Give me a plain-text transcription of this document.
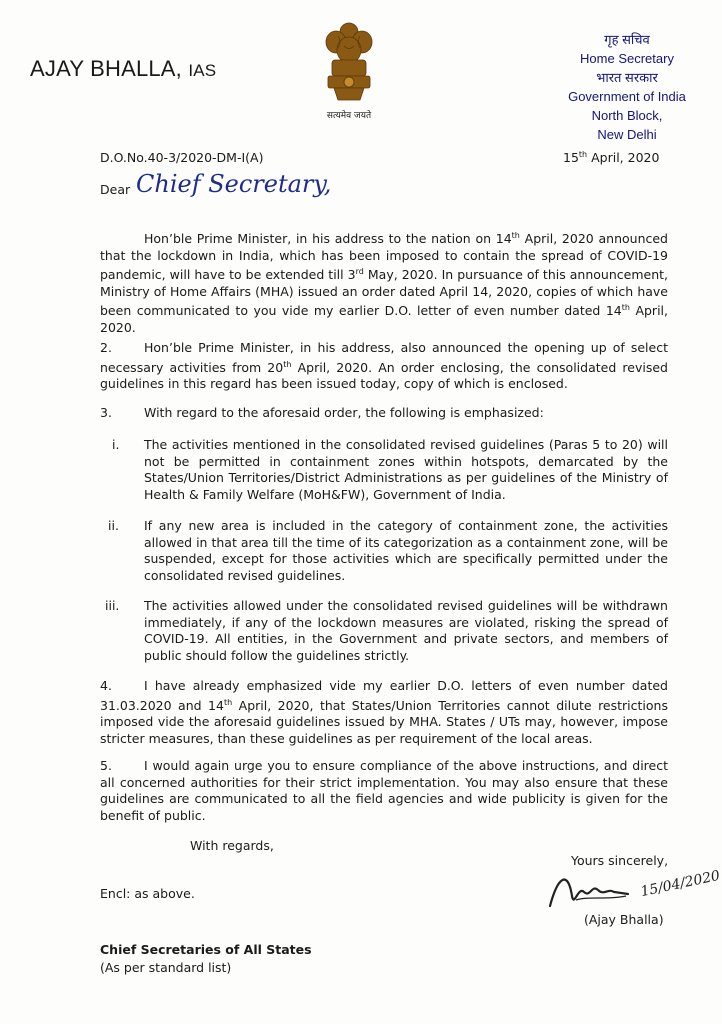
AJAY BHALLA, IAS
सत्यमेव जयते
गृह सचिव
Home Secretary
भारत सरकार
Government of India
North Block,
New Delhi
D.O.No.40-3/2020-DM-I(A)	15th April, 2020
Dear Chief Secretary,
Hon’ble Prime Minister, in his address to the nation on 14th April, 2020 announced that the lockdown in India, which has been imposed to contain the spread of COVID-19 pandemic, will have to be extended till 3rd May, 2020. In pursuance of this announcement, Ministry of Home Affairs (MHA) issued an order dated April 14, 2020, copies of which have been communicated to you vide my earlier D.O. letter of even number dated 14th April, 2020.
2.	Hon’ble Prime Minister, in his address, also announced the opening up of select necessary activities from 20th April, 2020. An order enclosing, the consolidated revised guidelines in this regard has been issued today, copy of which is enclosed.
3.	With regard to the aforesaid order, the following is emphasized:
i. The activities mentioned in the consolidated revised guidelines (Paras 5 to 20) will not be permitted in containment zones within hotspots, demarcated by the States/Union Territories/District Administrations as per guidelines of the Ministry of Health & Family Welfare (MoH&FW), Government of India.
ii. If any new area is included in the category of containment zone, the activities allowed in that area till the time of its categorization as a containment zone, will be suspended, except for those activities which are specifically permitted under the consolidated revised guidelines.
iii. The activities allowed under the consolidated revised guidelines will be withdrawn immediately, if any of the lockdown measures are violated, risking the spread of COVID-19. All entities, in the Government and private sectors, and members of public should follow the guidelines strictly.
4.	I have already emphasized vide my earlier D.O. letters of even number dated 31.03.2020 and 14th April, 2020, that States/Union Territories cannot dilute restrictions imposed vide the aforesaid guidelines issued by MHA. States / UTs may, however, impose stricter measures, than these guidelines as per requirement of the local areas.
5.	I would again urge you to ensure compliance of the above instructions, and direct all concerned authorities for their strict implementation. You may also ensure that these guidelines are communicated to all the field agencies and wide publicity is given for the benefit of public.
With regards,
Yours sincerely,
Encl: as above.	15/04/2020
(Ajay Bhalla)
Chief Secretaries of All States
(As per standard list)
